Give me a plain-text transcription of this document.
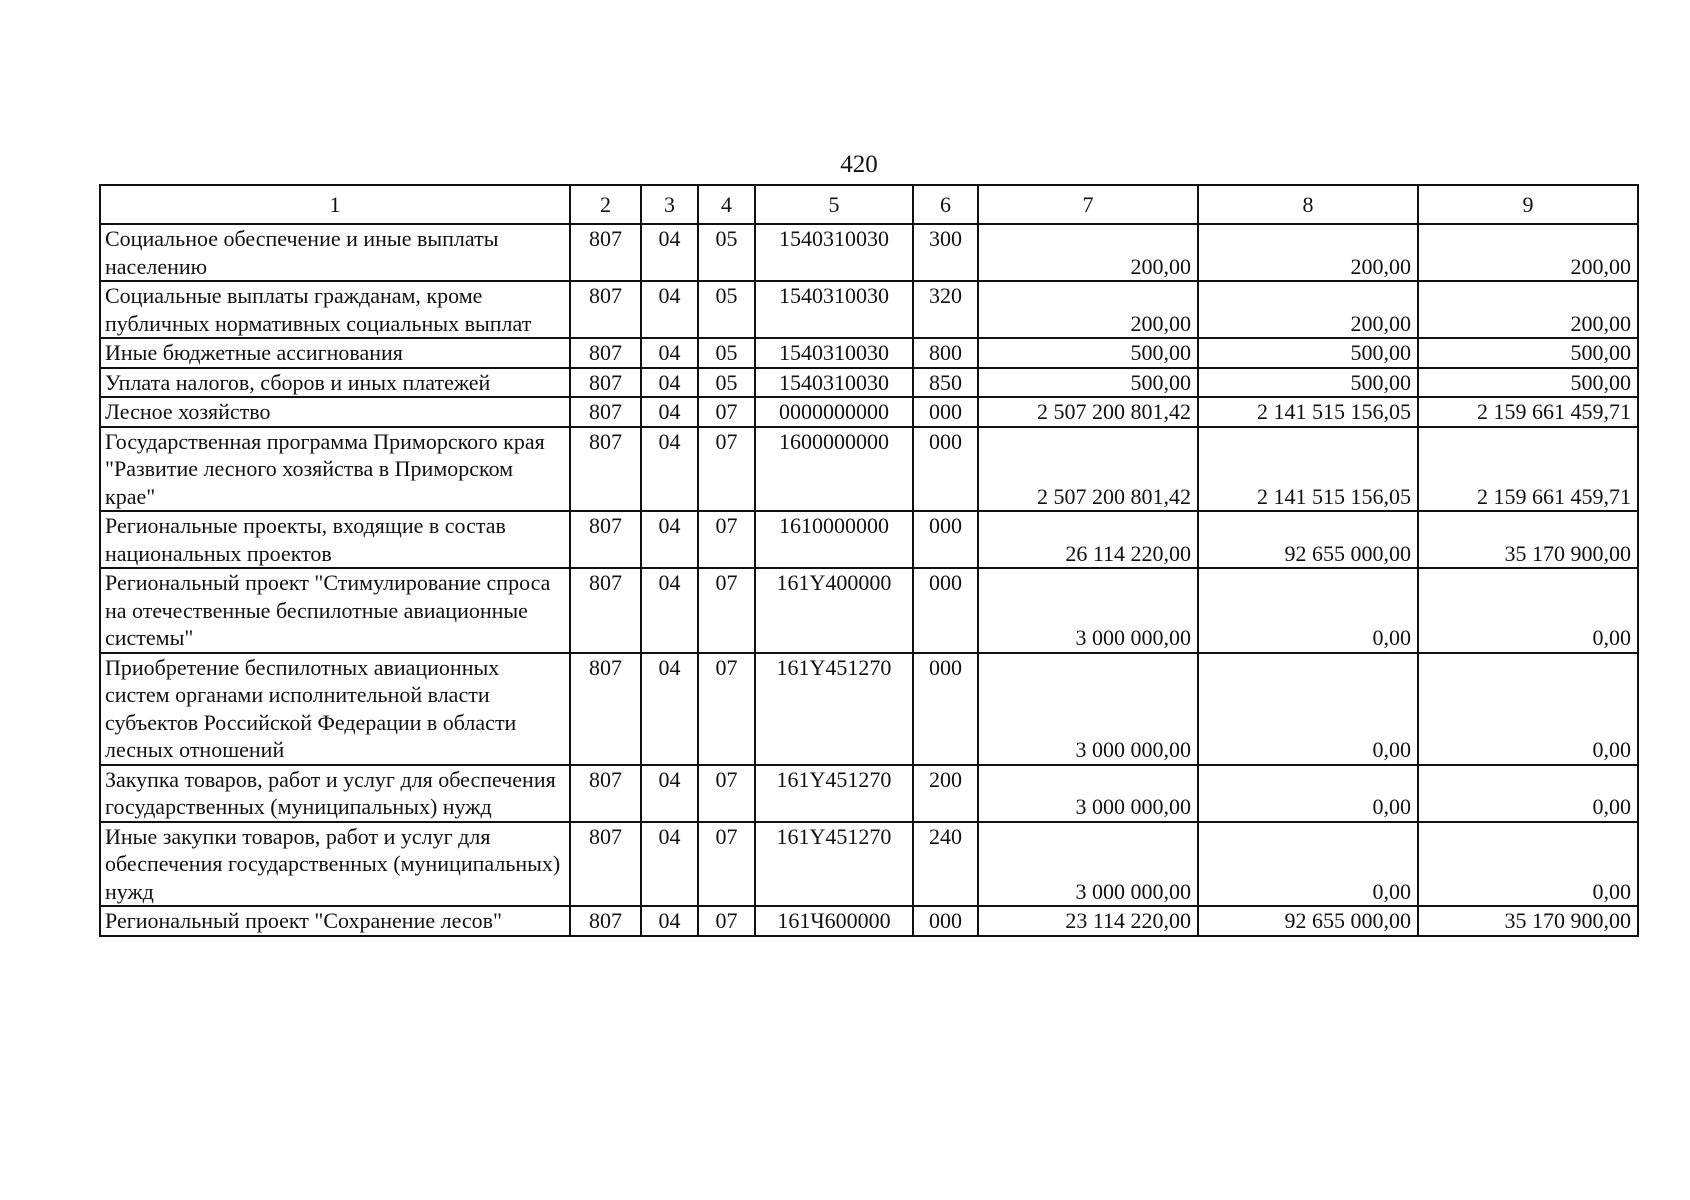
420
1	2	3	4	5	6	7	8	9
Социальное обеспечение и иные выплаты населению	807	04	05	1540310030	300	200,00	200,00	200,00
Социальные выплаты гражданам, кроме публичных нормативных социальных выплат	807	04	05	1540310030	320	200,00	200,00	200,00
Иные бюджетные ассигнования	807	04	05	1540310030	800	500,00	500,00	500,00
Уплата налогов, сборов и иных платежей	807	04	05	1540310030	850	500,00	500,00	500,00
Лесное хозяйство	807	04	07	0000000000	000	2 507 200 801,42	2 141 515 156,05	2 159 661 459,71
Государственная программа Приморского края "Развитие лесного хозяйства в Приморском крае"	807	04	07	1600000000	000	2 507 200 801,42	2 141 515 156,05	2 159 661 459,71
Региональные проекты, входящие в состав национальных проектов	807	04	07	1610000000	000	26 114 220,00	92 655 000,00	35 170 900,00
Региональный проект "Стимулирование спроса на отечественные беспилотные авиационные системы"	807	04	07	161Y400000	000	3 000 000,00	0,00	0,00
Приобретение беспилотных авиационных систем органами исполнительной власти субъектов Российской Федерации в области лесных отношений	807	04	07	161Y451270	000	3 000 000,00	0,00	0,00
Закупка товаров, работ и услуг для обеспечения государственных (муниципальных) нужд	807	04	07	161Y451270	200	3 000 000,00	0,00	0,00
Иные закупки товаров, работ и услуг для обеспечения государственных (муниципальных) нужд	807	04	07	161Y451270	240	3 000 000,00	0,00	0,00
Региональный проект "Сохранение лесов"	807	04	07	161Ч600000	000	23 114 220,00	92 655 000,00	35 170 900,00
